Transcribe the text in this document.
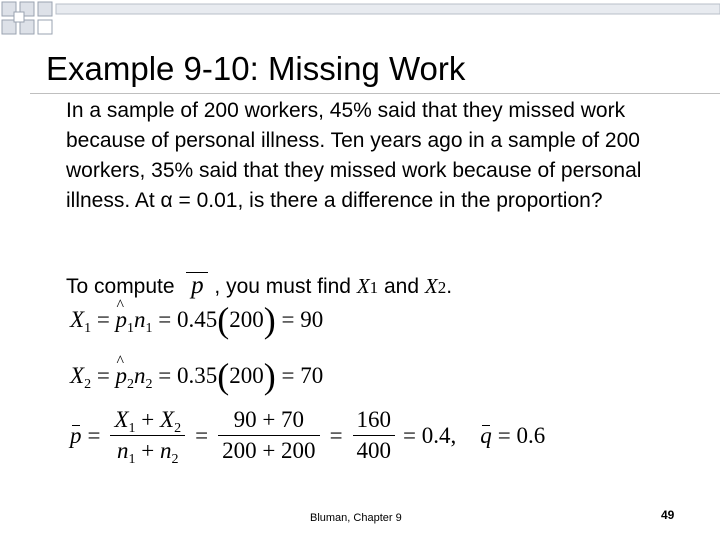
Example 9-10: Missing Work

In a sample of 200 workers, 45% said that they missed work because of personal illness. Ten years ago in a sample of 200 workers, 35% said that they missed work because of personal illness. At α = 0.01, is there a difference in the proportion?

To compute p , you must find X1 and X2.
$X_1$ = ^ $p_1n_1 = 0.45(200) = 90$
$X_2$ = ^ $p_2n_2 = 0.35(200) = 70$
$p = \frac{X_1 + X_2}{n_1 + n_2} = \frac{90 + 70}{200 + 200} = \frac{160}{400} = 0.4$, q = 0.6
Bluman, Chapter 9	49
